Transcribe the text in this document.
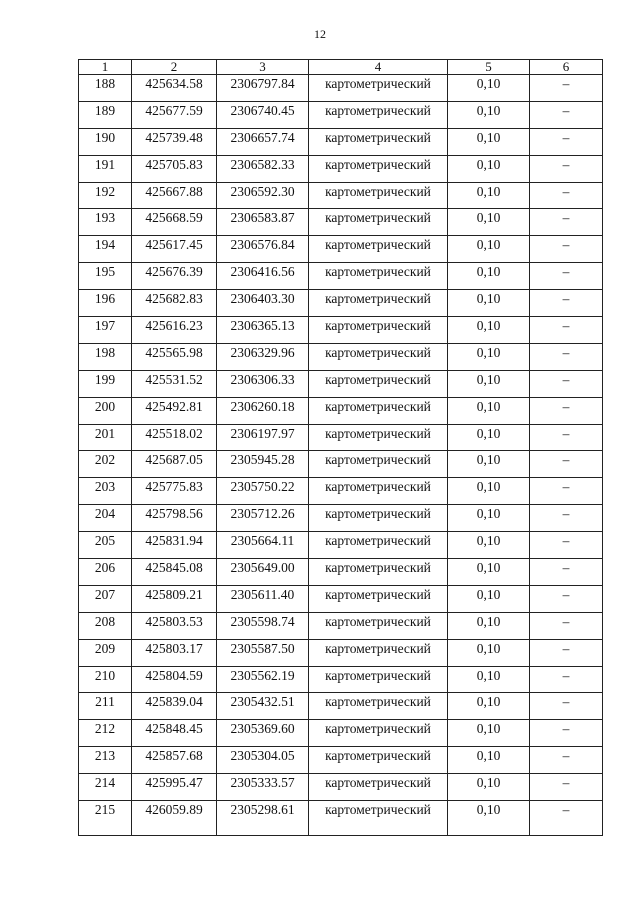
12
1	2	3	4	5	6
188	425634.58	2306797.84	картометрический	0,10	–
189	425677.59	2306740.45	картометрический	0,10	–
190	425739.48	2306657.74	картометрический	0,10	–
191	425705.83	2306582.33	картометрический	0,10	–
192	425667.88	2306592.30	картометрический	0,10	–
193	425668.59	2306583.87	картометрический	0,10	–
194	425617.45	2306576.84	картометрический	0,10	–
195	425676.39	2306416.56	картометрический	0,10	–
196	425682.83	2306403.30	картометрический	0,10	–
197	425616.23	2306365.13	картометрический	0,10	–
198	425565.98	2306329.96	картометрический	0,10	–
199	425531.52	2306306.33	картометрический	0,10	–
200	425492.81	2306260.18	картометрический	0,10	–
201	425518.02	2306197.97	картометрический	0,10	–
202	425687.05	2305945.28	картометрический	0,10	–
203	425775.83	2305750.22	картометрический	0,10	–
204	425798.56	2305712.26	картометрический	0,10	–
205	425831.94	2305664.11	картометрический	0,10	–
206	425845.08	2305649.00	картометрический	0,10	–
207	425809.21	2305611.40	картометрический	0,10	–
208	425803.53	2305598.74	картометрический	0,10	–
209	425803.17	2305587.50	картометрический	0,10	–
210	425804.59	2305562.19	картометрический	0,10	–
211	425839.04	2305432.51	картометрический	0,10	–
212	425848.45	2305369.60	картометрический	0,10	–
213	425857.68	2305304.05	картометрический	0,10	–
214	425995.47	2305333.57	картометрический	0,10	–
215	426059.89	2305298.61	картометрический	0,10	–
